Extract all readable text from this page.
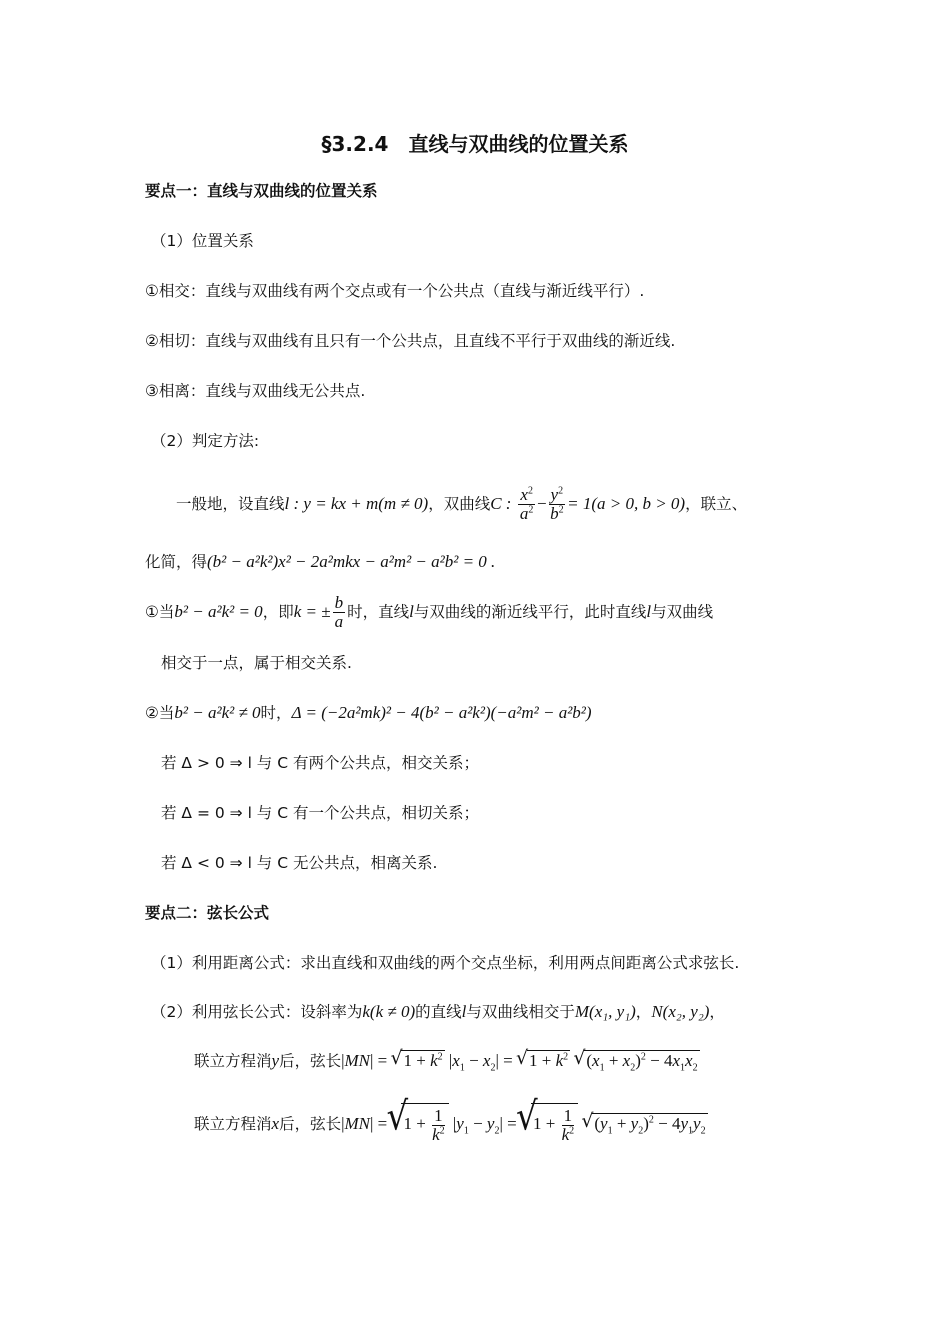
§3.2.4　直线与双曲线的位置关系
要点一：直线与双曲线的位置关系
（1）位置关系
①相交：直线与双曲线有两个交点或有一个公共点（直线与渐近线平行）.
②相切：直线与双曲线有且只有一个公共点，且直线不平行于双曲线的渐近线.
③相离：直线与双曲线无公共点.
（2）判定方法:
一般地，设直线l : y = kx + m(m ≠ 0)，双曲线C : $\frac{x^2}{a^2} - \frac{y^2}{b^2} = 1(a > 0$, b > 0)，联立、
化简，得(b² − a²k²)x² − 2a²mkx − a²m² − a²b² = 0 .
①当b² − a²k² = 0，即k = ± $\frac{b}{a}$ 时，直线l与双曲线的渐近线平行，此时直线l与双曲线
相交于一点，属于相交关系.
②当b² − a²k² ≠ 0时，Δ = (−2a²mk)² − 4(b² − a²k²)(−a²m² − a²b²)
若 Δ > 0 ⇒ l 与 C 有两个公共点，相交关系；
若 Δ = 0 ⇒ l 与 C 有一个公共点，相切关系；
若 Δ < 0 ⇒ l 与 C 无公共点，相离关系.
要点二：弦长公式
（1）利用距离公式：求出直线和双曲线的两个交点坐标，利用两点间距离公式求弦长.
（2）利用弦长公式：设斜率为k(k ≠ 0)的直线l与双曲线相交于M(x₁, y₁)，N(x₂, y₂)，
联立方程消y后，弦长|MN| = √ $1 + k^2$ $|x_1 - x_2|$ = √ $1 + k^2$ √ $(x_1 + x_2)^2 - 4x_1x_2$
联立方程消x后，弦长|MN| = √ $1 + \frac{1}{k^2} |y_1 - y_2|$ = √ $1 + \frac{1}{k^2}$ √ $(y_1 + y_2)^2 - 4y_1y_2$
